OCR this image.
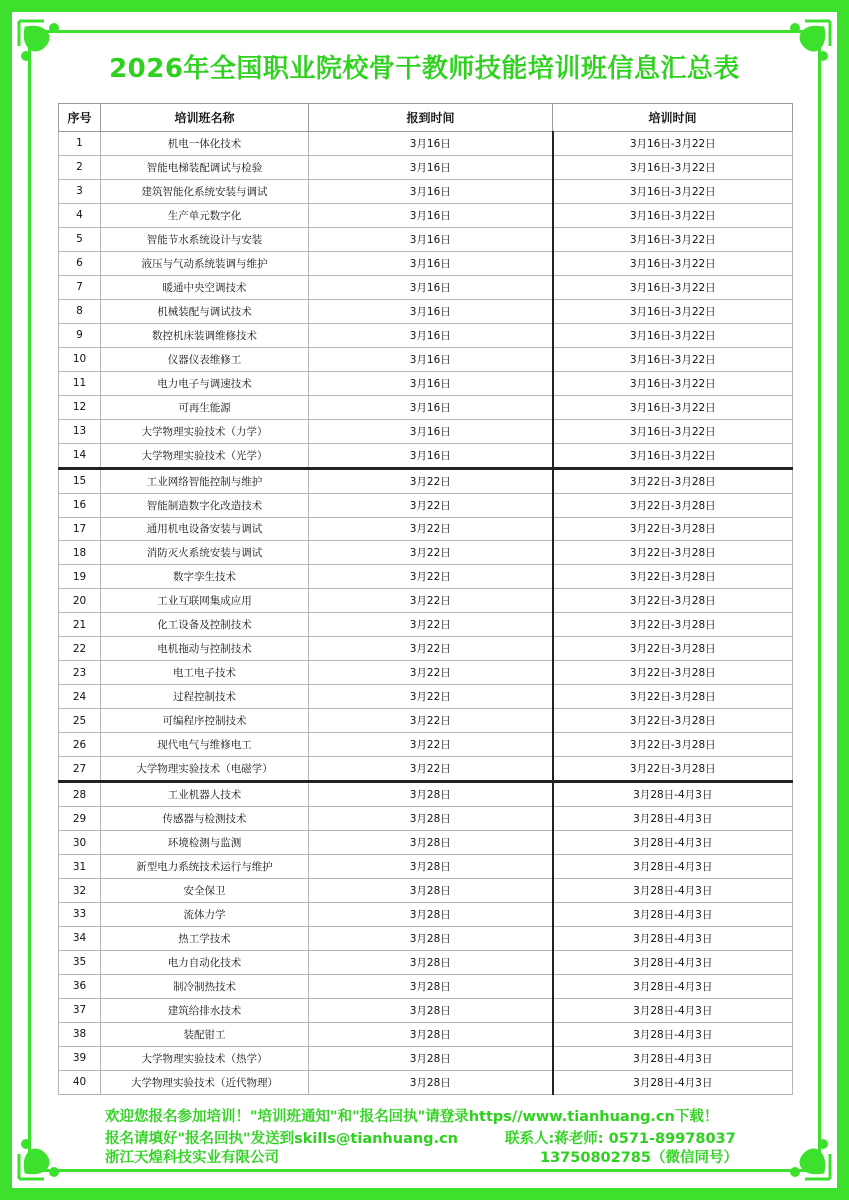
2026年全国职业院校骨干教师技能培训班信息汇总表
序号	培训班名称	报到时间	培训时间
1	机电一体化技术	3月16日	3月16日-3月22日
2	智能电梯装配调试与检验	3月16日	3月16日-3月22日
3	建筑智能化系统安装与调试	3月16日	3月16日-3月22日
4	生产单元数字化	3月16日	3月16日-3月22日
5	智能节水系统设计与安装	3月16日	3月16日-3月22日
6	液压与气动系统装调与维护	3月16日	3月16日-3月22日
7	暖通中央空调技术	3月16日	3月16日-3月22日
8	机械装配与调试技术	3月16日	3月16日-3月22日
9	数控机床装调维修技术	3月16日	3月16日-3月22日
10	仪器仪表维修工	3月16日	3月16日-3月22日
11	电力电子与调速技术	3月16日	3月16日-3月22日
12	可再生能源	3月16日	3月16日-3月22日
13	大学物理实验技术（力学）	3月16日	3月16日-3月22日
14	大学物理实验技术（光学）	3月16日	3月16日-3月22日
15	工业网络智能控制与维护	3月22日	3月22日-3月28日
16	智能制造数字化改造技术	3月22日	3月22日-3月28日
17	通用机电设备安装与调试	3月22日	3月22日-3月28日
18	消防灭火系统安装与调试	3月22日	3月22日-3月28日
19	数字孪生技术	3月22日	3月22日-3月28日
20	工业互联网集成应用	3月22日	3月22日-3月28日
21	化工设备及控制技术	3月22日	3月22日-3月28日
22	电机拖动与控制技术	3月22日	3月22日-3月28日
23	电工电子技术	3月22日	3月22日-3月28日
24	过程控制技术	3月22日	3月22日-3月28日
25	可编程序控制技术	3月22日	3月22日-3月28日
26	现代电气与维修电工	3月22日	3月22日-3月28日
27	大学物理实验技术（电磁学）	3月22日	3月22日-3月28日
28	工业机器人技术	3月28日	3月28日-4月3日
29	传感器与检测技术	3月28日	3月28日-4月3日
30	环境检测与监测	3月28日	3月28日-4月3日
31	新型电力系统技术运行与维护	3月28日	3月28日-4月3日
32	安全保卫	3月28日	3月28日-4月3日
33	流体力学	3月28日	3月28日-4月3日
34	热工学技术	3月28日	3月28日-4月3日
35	电力自动化技术	3月28日	3月28日-4月3日
36	制冷制热技术	3月28日	3月28日-4月3日
37	建筑给排水技术	3月28日	3月28日-4月3日
38	装配钳工	3月28日	3月28日-4月3日
39	大学物理实验技术（热学）	3月28日	3月28日-4月3日
40	大学物理实验技术（近代物理）	3月28日	3月28日-4月3日
欢迎您报名参加培训！"培训班通知"和"报名回执"请登录https//www.tianhuang.cn下载！
报名请填好"报名回执"发送到skills@tianhuang.cn	联系人:蒋老师: 0571-89978037
浙江天煌科技实业有限公司	13750802785（微信同号）
